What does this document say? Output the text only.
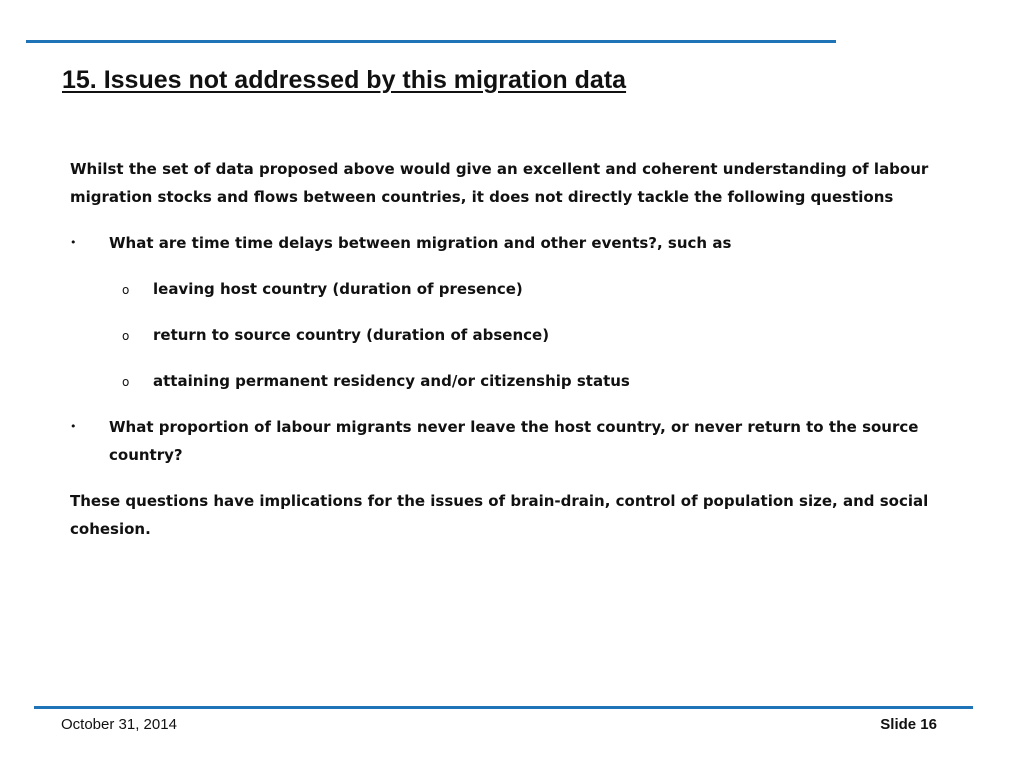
15. Issues not addressed by this migration data

Whilst the set of data proposed above would give an excellent and coherent understanding of labour migration stocks and flows between countries, it does not directly tackle the following questions

• What are time time delays between migration and other events?, such as
o leaving host country (duration of presence)
o return to source country (duration of absence)
o attaining permanent residency and/or citizenship status
• What proportion of labour migrants never leave the host country, or never return to the source country?

These questions have implications for the issues of brain-drain, control of population size, and social cohesion.

October 31, 2014	Slide 16
